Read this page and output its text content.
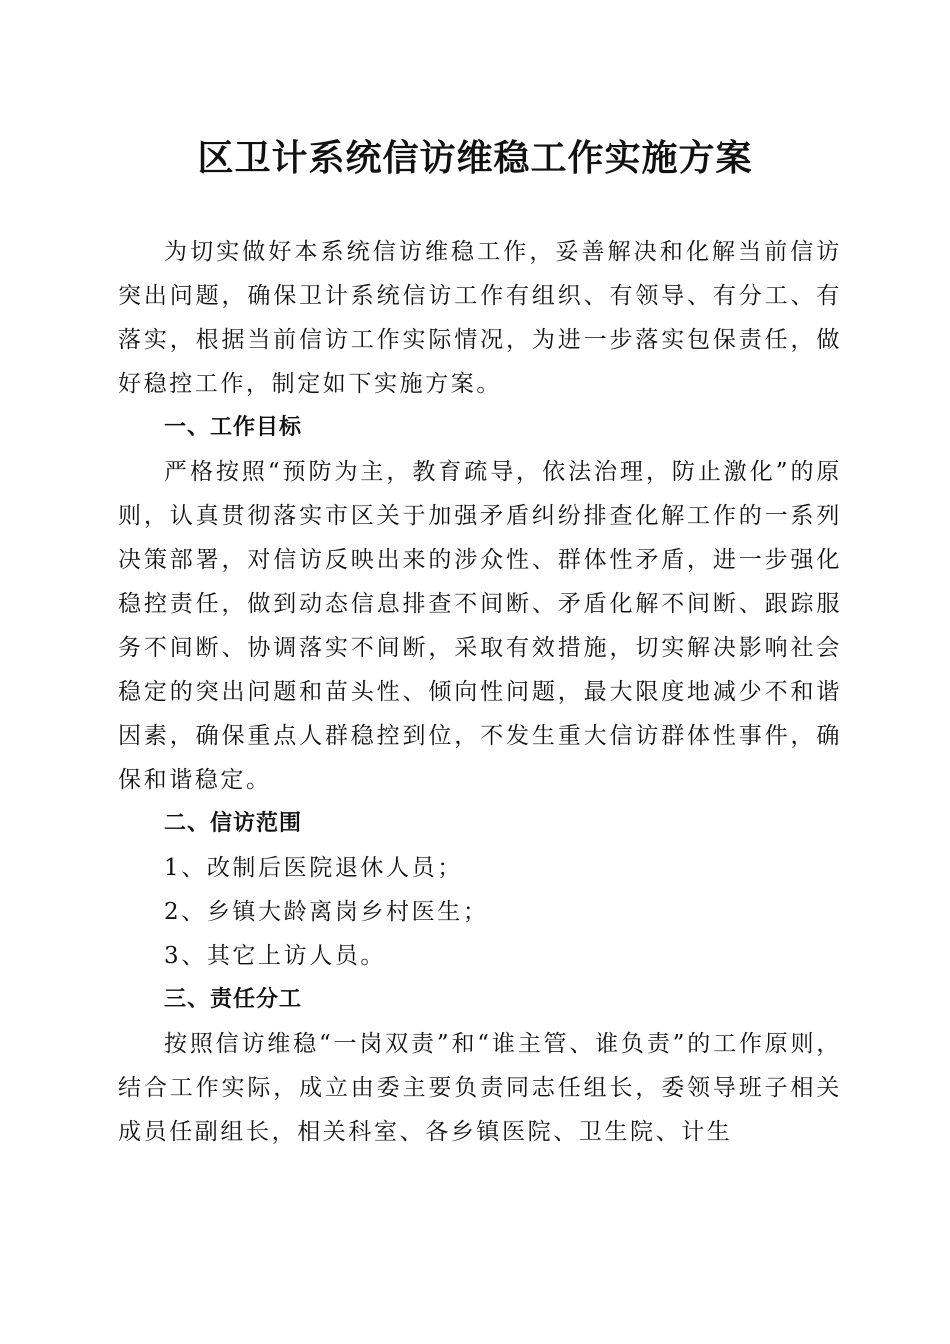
区卫计系统信访维稳工作实施方案

为切实做好本系统信访维稳工作，妥善解决和化解当前信访突出问题，确保卫计系统信访工作有组织、有领导、有分工、有落实，根据当前信访工作实际情况，为进一步落实包保责任，做好稳控工作，制定如下实施方案。

一、工作目标

严格按照“预防为主，教育疏导，依法治理，防止激化”的原则，认真贯彻落实市区关于加强矛盾纠纷排查化解工作的一系列决策部署，对信访反映出来的涉众性、群体性矛盾，进一步强化稳控责任，做到动态信息排查不间断、矛盾化解不间断、跟踪服务不间断、协调落实不间断，采取有效措施，切实解决影响社会稳定的突出问题和苗头性、倾向性问题，最大限度地减少不和谐因素，确保重点人群稳控到位，不发生重大信访群体性事件，确保和谐稳定。

二、信访范围

1、改制后医院退休人员；

2、乡镇大龄离岗乡村医生；

3、其它上访人员。

三、责任分工

按照信访维稳“一岗双责”和“谁主管、谁负责”的工作原则，结合工作实际，成立由委主要负责同志任组长，委领导班子相关成员任副组长，相关科室、各乡镇医院、卫生院、计生
